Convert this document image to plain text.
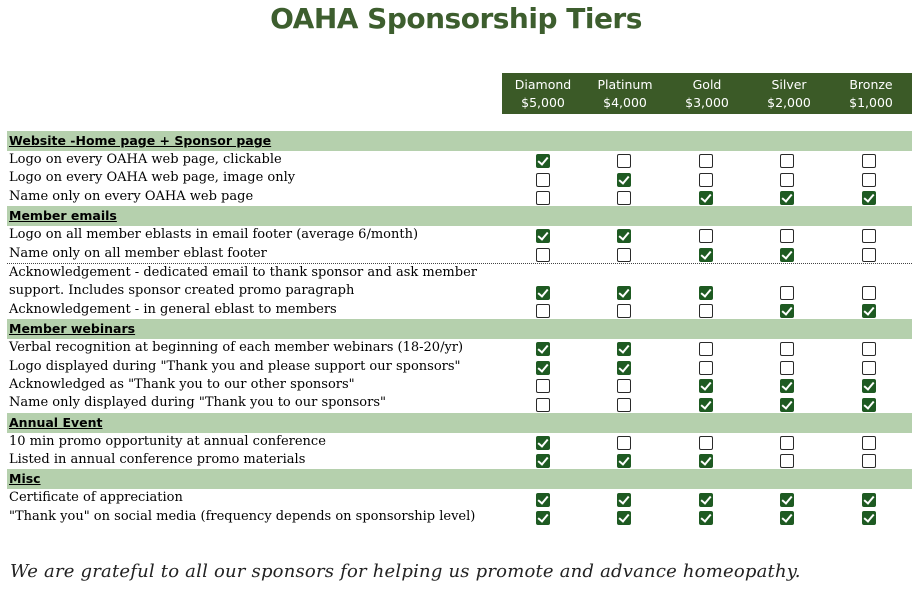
OAHA Sponsorship Tiers
Diamond
$5,000
Platinum
$4,000
Gold
$3,000
Silver
$2,000
Bronze
$1,000
Website -Home page + Sponsor page
Logo on every OAHA web page, clickable
Logo on every OAHA web page, image only
Name only on every OAHA web page
Member emails
Logo on all member eblasts in email footer (average 6/month)
Name only on all member eblast footer
Acknowledgement - dedicated email to thank sponsor and ask member
support. Includes sponsor created promo paragraph
Acknowledgement - in general eblast to members
Member webinars
Verbal recognition at beginning of each member webinars (18-20/yr)
Logo displayed during "Thank you and please support our sponsors"
Acknowledged as "Thank you to our other sponsors"
Name only displayed during "Thank you to our sponsors"
Annual Event
10 min promo opportunity at annual conference
Listed in annual conference promo materials
Misc
Certificate of appreciation
"Thank you" on social media (frequency depends on sponsorship level)
We are grateful to all our sponsors for helping us promote and advance homeopathy.
